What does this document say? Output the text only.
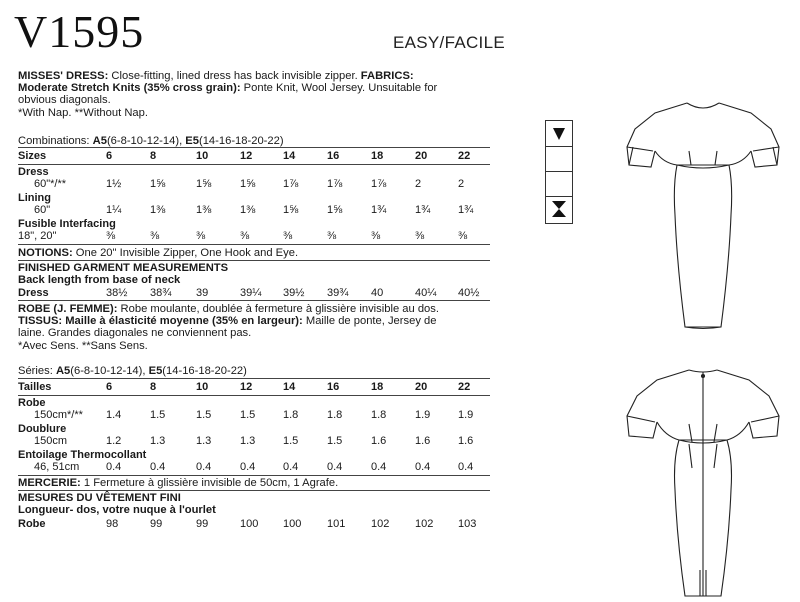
V1595	EASY/FACILE
MISSES' DRESS: Close-fitting, lined dress has back invisible zipper. FABRICS:
Moderate Stretch Knits (35% cross grain): Ponte Knit, Wool Jersey. Unsuitable for
obvious diagonals.
*With Nap. **Without Nap.
Combinations: A5(6-8-10-12-14), E5(14-16-18-20-22)
Sizes	6	8	10	12	14	16	18	20	22
Dress
60"*/**	1½	1⅝	1⅝	1⅝	1⅞	1⅞	1⅞	2	2
Lining
60"	1¼	1⅜	1⅜	1⅜	1⅝	1⅝	1¾	1¾	1¾
Fusible Interfacing
18", 20"	⅜	⅜	⅜	⅜	⅜	⅜	⅜	⅜	⅜
NOTIONS: One 20" Invisible Zipper, One Hook and Eye.
FINISHED GARMENT MEASUREMENTS
Back length from base of neck
Dress	38½ 38¾ 39	39¼ 39½ 39¾ 40	40¼ 40½
ROBE (J. FEMME): Robe moulante, doublée à fermeture à glissière invisible au dos.
TISSUS: Maille à élasticité moyenne (35% en largeur): Maille de ponte, Jersey de
laine. Grandes diagonales ne conviennent pas.
*Avec Sens. **Sans Sens.
Séries: A5(6-8-10-12-14), E5(14-16-18-20-22)
Tailles	6	8	10	12	14	16	18	20	22
Robe
150cm*/** 1.4	1.5	1.5	1.5	1.8	1.8	1.8	1.9	1.9
Doublure
150cm	1.2	1.3	1.3	1.3	1.5	1.5	1.6	1.6	1.6
Entoilage Thermocollant
46, 51cm 0.4	0.4	0.4	0.4	0.4	0.4	0.4	0.4	0.4
MERCERIE: 1 Fermeture à glissière invisible de 50cm, 1 Agrafe.
MESURES DU VÊTEMENT FINI
Longueur- dos, votre nuque à l'ourlet
Robe	98	99	99	100 100 101 102 102 103
